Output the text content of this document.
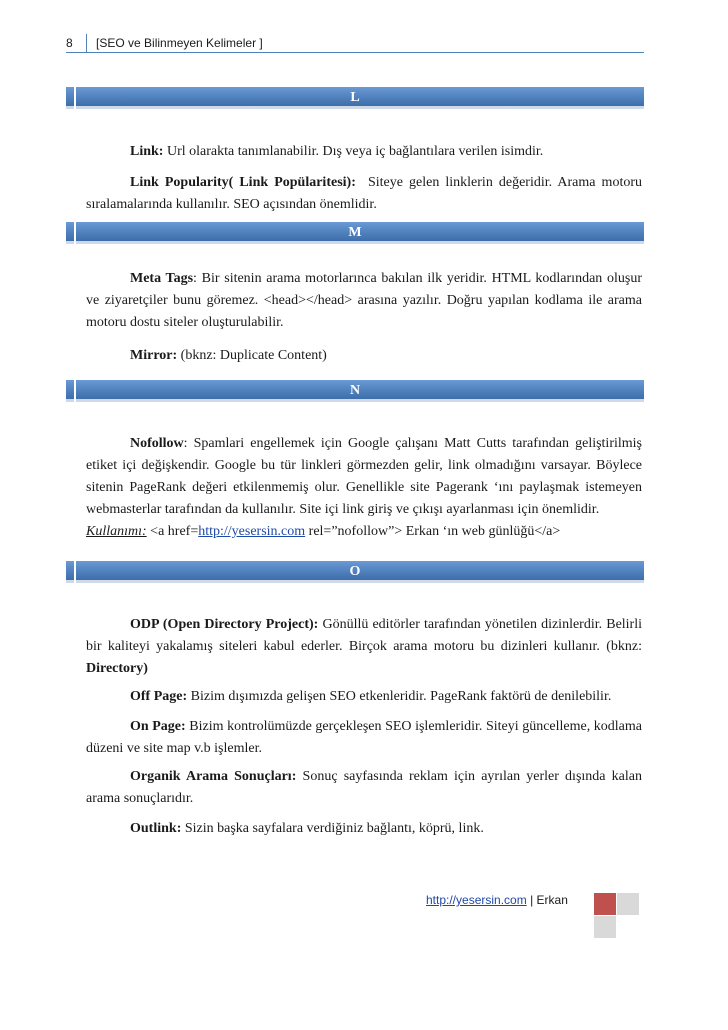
8 [SEO ve Bilinmeyen Kelimeler ]
L
Link: Url olarakta tanımlanabilir. Dış veya iç bağlantılara verilen isimdir.
Link Popularity( Link Popülaritesi): Siteye gelen linklerin değeridir. Arama motoru sıralamalarında kullanılır. SEO açısından önemlidir.
M
Meta Tags: Bir sitenin arama motorlarınca bakılan ilk yeridir. HTML kodlarından oluşur ve ziyaretçiler bunu göremez. <head></head> arasına yazılır. Doğru yapılan kodlama ile arama motoru dostu siteler oluşturulabilir.
Mirror: (bknz: Duplicate Content)
N
Nofollow: Spamlari engellemek için Google çalışanı Matt Cutts tarafından geliştirilmiş etiket içi değişkendir. Google bu tür linkleri görmezden gelir, link olmadığını varsayar. Böylece sitenin PageRank değeri etkilenmemiş olur. Genellikle site Pagerank ‘ını paylaşmak istemeyen webmasterlar tarafından da kullanılır. Site içi link giriş ve çıkışı ayarlanması için önemlidir.
Kullanımı: <a href=http://yesersin.com rel=”nofollow”> Erkan ‘ın web günlüğü</a>
O
ODP (Open Directory Project): Gönüllü editörler tarafından yönetilen dizinlerdir. Belirli bir kaliteyi yakalamış siteleri kabul ederler. Birçok arama motoru bu dizinleri kullanır. (bknz: Directory)
Off Page: Bizim dışımızda gelişen SEO etkenleridir. PageRank faktörü de denilebilir.
On Page: Bizim kontrolümüzde gerçekleşen SEO işlemleridir. Siteyi güncelleme, kodlama düzeni ve site map v.b işlemler.
Organik Arama Sonuçları: Sonuç sayfasında reklam için ayrılan yerler dışında kalan arama sonuçlarıdır.
Outlink: Sizin başka sayfalara verdiğiniz bağlantı, köprü, link.
http://yesersin.com | Erkan
